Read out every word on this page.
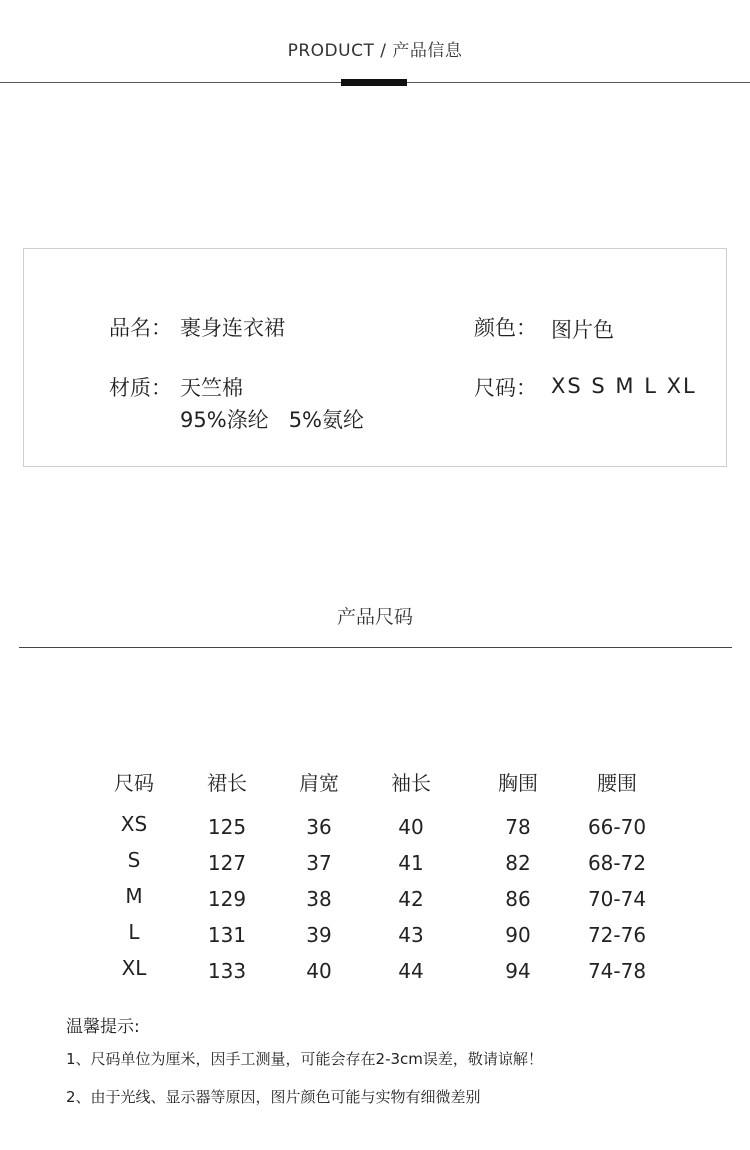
PRODUCT / 产品信息
品名： 裹身连衣裙	颜色： 图片色
材质： 天竺棉
95%涤纶   5%氨纶
尺码： XS S M L XL
产品尺码
尺码	裙长	肩宽	袖长	胸围	腰围
XS	125	36	40	78	66-70
S	127	37	41	82	68-72
M	129	38	42	86	70-74
L	131	39	43	90	72-76
XL	133	40	44	94	74-78
温馨提示:
1、尺码单位为厘米，因手工测量，可能会存在2-3cm误差，敬请谅解！
2、由于光线、显示器等原因，图片颜色可能与实物有细微差别
